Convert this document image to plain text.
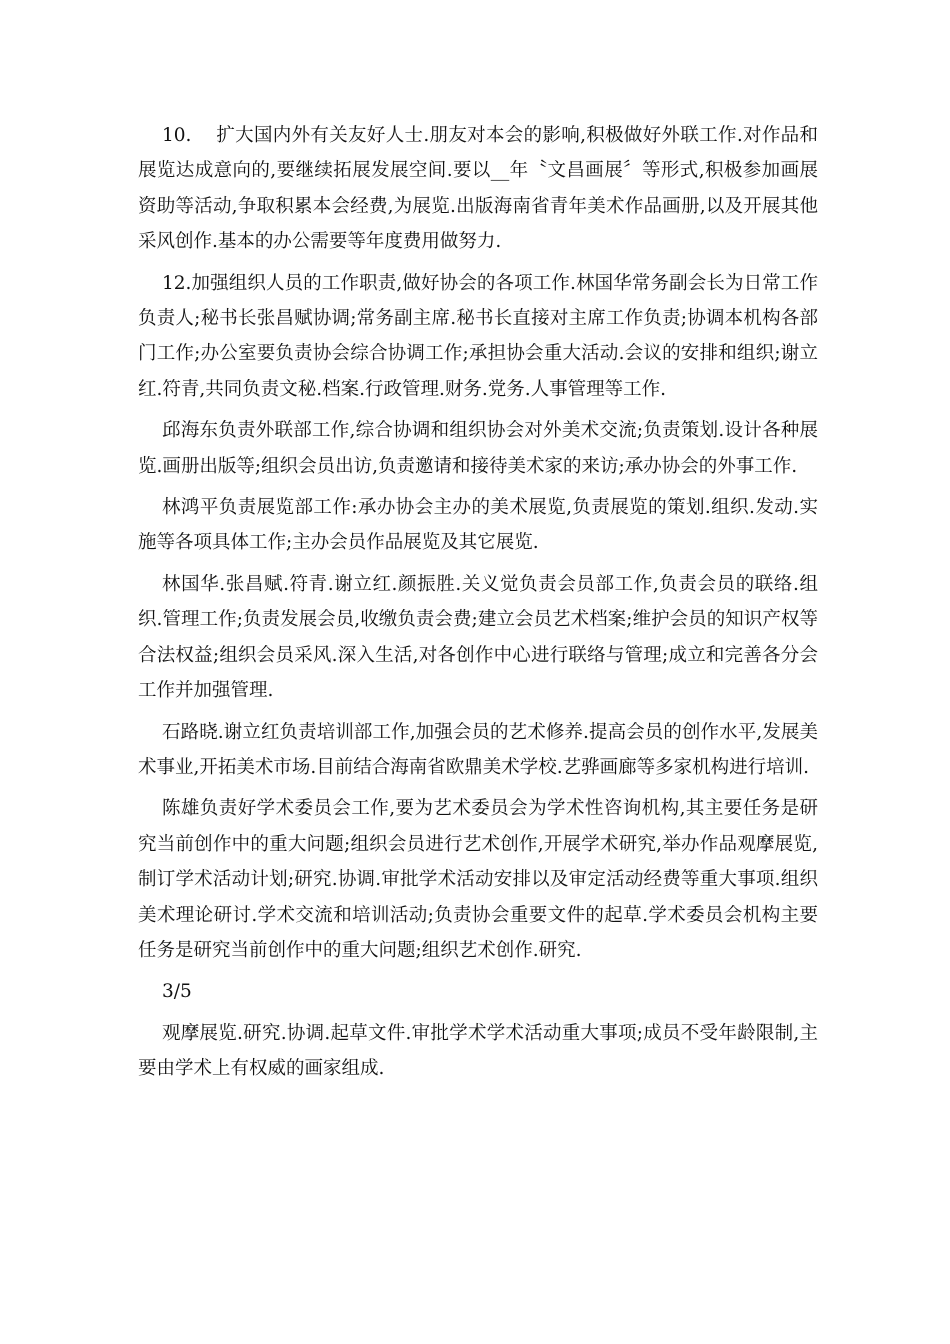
10. 扩大国内外有关友好人士.朋友对本会的影响,积极做好外联工作.对作品和展览达成意向的,要继续拓展发展空间.要以__年〝文昌画展〞等形式,积极参加画展资助等活动,争取积累本会经费,为展览.出版海南省青年美术作品画册,以及开展其他采风创作.基本的办公需要等年度费用做努力.

12.加强组织人员的工作职责,做好协会的各项工作.林国华常务副会长为日常工作负责人;秘书长张昌赋协调;常务副主席.秘书长直接对主席工作负责;协调本机构各部门工作;办公室要负责协会综合协调工作;承担协会重大活动.会议的安排和组织;谢立红.符青,共同负责文秘.档案.行政管理.财务.党务.人事管理等工作.

邱海东负责外联部工作,综合协调和组织协会对外美术交流;负责策划.设计各种展览.画册出版等;组织会员出访,负责邀请和接待美术家的来访;承办协会的外事工作.

林鸿平负责展览部工作:承办协会主办的美术展览,负责展览的策划.组织.发动.实施等各项具体工作;主办会员作品展览及其它展览.

林国华.张昌赋.符青.谢立红.颜振胜.关义觉负责会员部工作,负责会员的联络.组织.管理工作;负责发展会员,收缴负责会费;建立会员艺术档案;维护会员的知识产权等合法权益;组织会员采风.深入生活,对各创作中心进行联络与管理;成立和完善各分会工作并加强管理.

石路晓.谢立红负责培训部工作,加强会员的艺术修养.提高会员的创作水平,发展美术事业,开拓美术市场.目前结合海南省欧鼎美术学校.艺骅画廊等多家机构进行培训.

陈雄负责好学术委员会工作,要为艺术委员会为学术性咨询机构,其主要任务是研究当前创作中的重大问题;组织会员进行艺术创作,开展学术研究,举办作品观摩展览,制订学术活动计划;研究.协调.审批学术活动安排以及审定活动经费等重大事项.组织美术理论研讨.学术交流和培训活动;负责协会重要文件的起草.学术委员会机构主要任务是研究当前创作中的重大问题;组织艺术创作.研究.

3/5

观摩展览.研究.协调.起草文件.审批学术学术活动重大事项;成员不受年龄限制,主要由学术上有权威的画家组成.
